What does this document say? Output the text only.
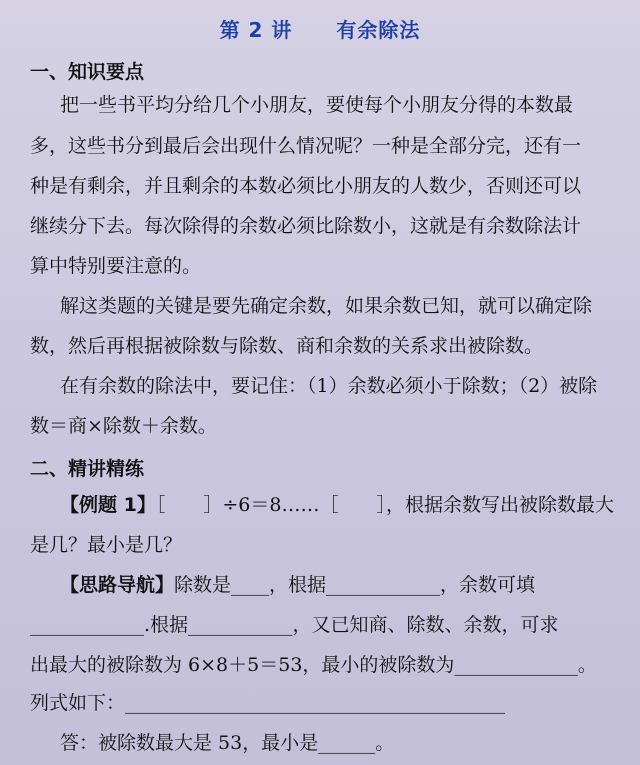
第 2 讲 有余除法
一、知识要点
把一些书平均分给几个小朋友，要使每个小朋友分得的本数最
多，这些书分到最后会出现什么情况呢？一种是全部分完，还有一
种是有剩余，并且剩余的本数必须比小朋友的人数少，否则还可以
继续分下去。每次除得的余数必须比除数小，这就是有余数除法计
算中特别要注意的。
解这类题的关键是要先确定余数，如果余数已知，就可以确定除
数，然后再根据被除数与除数、商和余数的关系求出被除数。
在有余数的除法中，要记住：（1）余数必须小于除数；（2）被除
数＝商×除数＋余数。
二、精讲精练
【例题 1】［　　］÷6＝8……［　　］，根据余数写出被除数最大
是几？最小是几？
【思路导航】除数是____，根据____________，余数可填
____________.根据___________，又已知商、除数、余数，可求
出最大的被除数为 6×8＋5＝53，最小的被除数为_____________。
列式如下：________________________________________
答：被除数最大是 53，最小是______。
